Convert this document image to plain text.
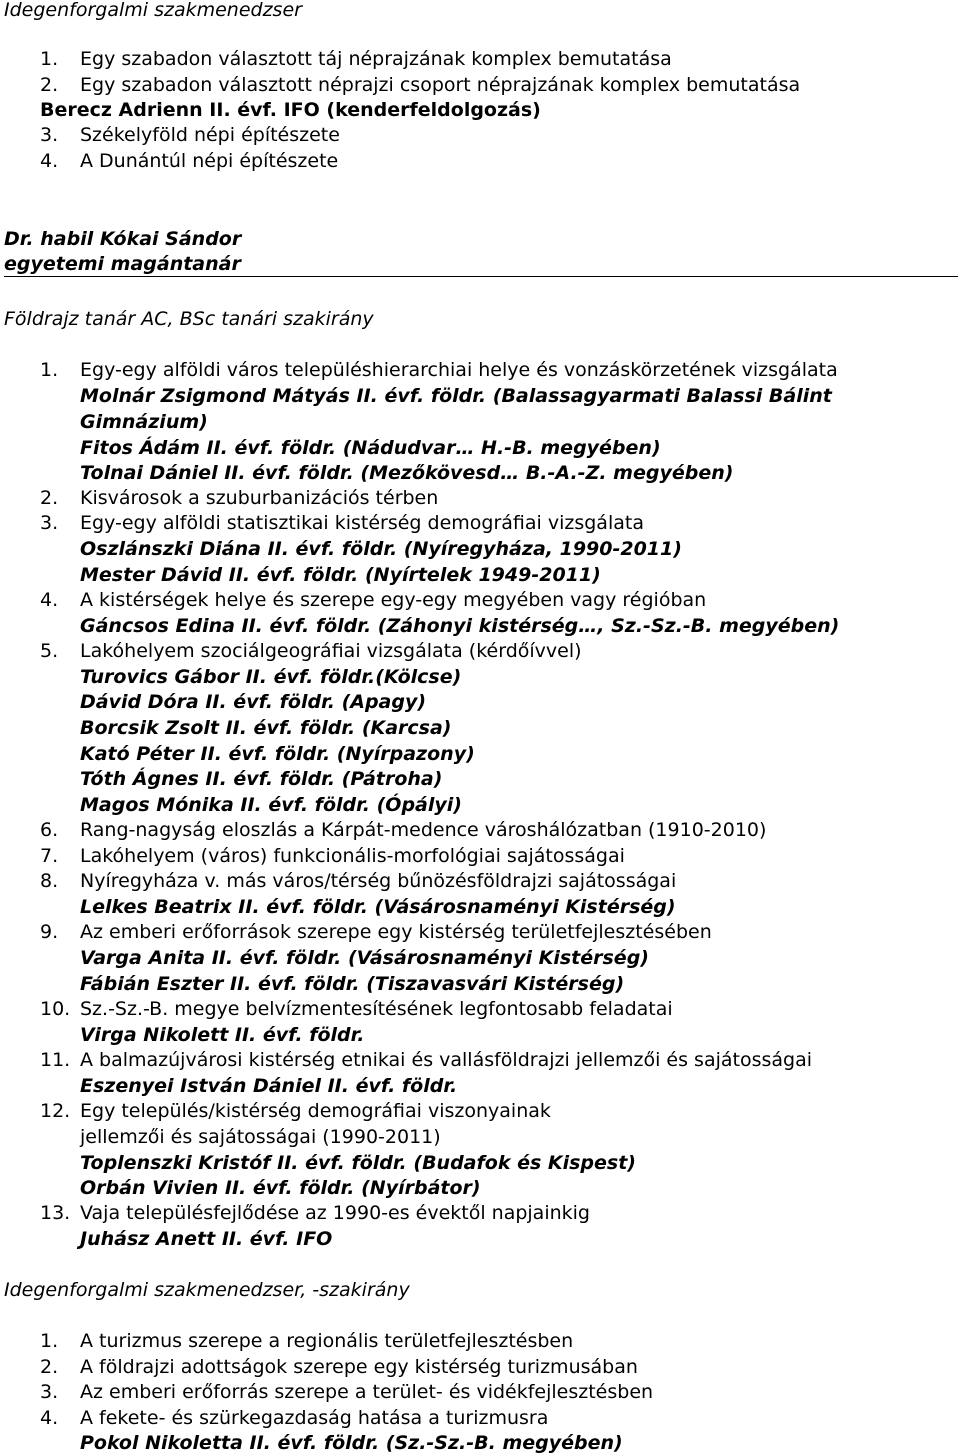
Idegenforgalmi szakmenedzser
1. Egy szabadon választott táj néprajzának komplex bemutatása
2. Egy szabadon választott néprajzi csoport néprajzának komplex bemutatása
Berecz Adrienn II. évf. IFO (kenderfeldolgozás)
3. Székelyföld népi építészete
4. A Dunántúl népi építészete
Dr. habil Kókai Sándor
egyetemi magántanár
Földrajz tanár AC, BSc tanári szakirány
1. Egy-egy alföldi város településhierarchiai helye és vonzáskörzetének vizsgálata
Molnár Zsigmond Mátyás II. évf. földr. (Balassagyarmati Balassi Bálint
Gimnázium)
Fitos Ádám II. évf. földr. (Nádudvar… H.-B. megyében)
Tolnai Dániel II. évf. földr. (Mezőkövesd… B.-A.-Z. megyében)
2. Kisvárosok a szuburbanizációs térben
3. Egy-egy alföldi statisztikai kistérség demográfiai vizsgálata
Oszlánszki Diána II. évf. földr. (Nyíregyháza, 1990-2011)
Mester Dávid II. évf. földr. (Nyírtelek 1949-2011)
4. A kistérségek helye és szerepe egy-egy megyében vagy régióban
Gáncsos Edina II. évf. földr. (Záhonyi kistérség…, Sz.-Sz.-B. megyében)
5. Lakóhelyem szociálgeográfiai vizsgálata (kérdőívvel)
Turovics Gábor II. évf. földr.(Kölcse)
Dávid Dóra II. évf. földr. (Apagy)
Borcsik Zsolt II. évf. földr. (Karcsa)
Kató Péter II. évf. földr. (Nyírpazony)
Tóth Ágnes II. évf. földr. (Pátroha)
Magos Mónika II. évf. földr. (Ópályi)
6. Rang-nagyság eloszlás a Kárpát-medence városhálózatban (1910-2010)
7. Lakóhelyem (város) funkcionális-morfológiai sajátosságai
8. Nyíregyháza v. más város/térség bűnözésföldrajzi sajátosságai
Lelkes Beatrix II. évf. földr. (Vásárosnaményi Kistérség)
9. Az emberi erőforrások szerepe egy kistérség területfejlesztésében
Varga Anita II. évf. földr. (Vásárosnaményi Kistérség)
Fábián Eszter II. évf. földr. (Tiszavasvári Kistérség)
10. Sz.-Sz.-B. megye belvízmentesítésének legfontosabb feladatai
Virga Nikolett II. évf. földr.
11. A balmazújvárosi kistérség etnikai és vallásföldrajzi jellemzői és sajátosságai
Eszenyei István Dániel II. évf. földr.
12. Egy település/kistérség demográfiai viszonyainak
jellemzői és sajátosságai (1990-2011)
Toplenszki Kristóf II. évf. földr. (Budafok és Kispest)
Orbán Vivien II. évf. földr. (Nyírbátor)
13. Vaja településfejlődése az 1990-es évektől napjainkig
Juhász Anett II. évf. IFO
Idegenforgalmi szakmenedzser, -szakirány
1. A turizmus szerepe a regionális területfejlesztésben
2. A földrajzi adottságok szerepe egy kistérség turizmusában
3. Az emberi erőforrás szerepe a terület- és vidékfejlesztésben
4. A fekete- és szürkegazdaság hatása a turizmusra
Pokol Nikoletta II. évf. földr. (Sz.-Sz.-B. megyében)
